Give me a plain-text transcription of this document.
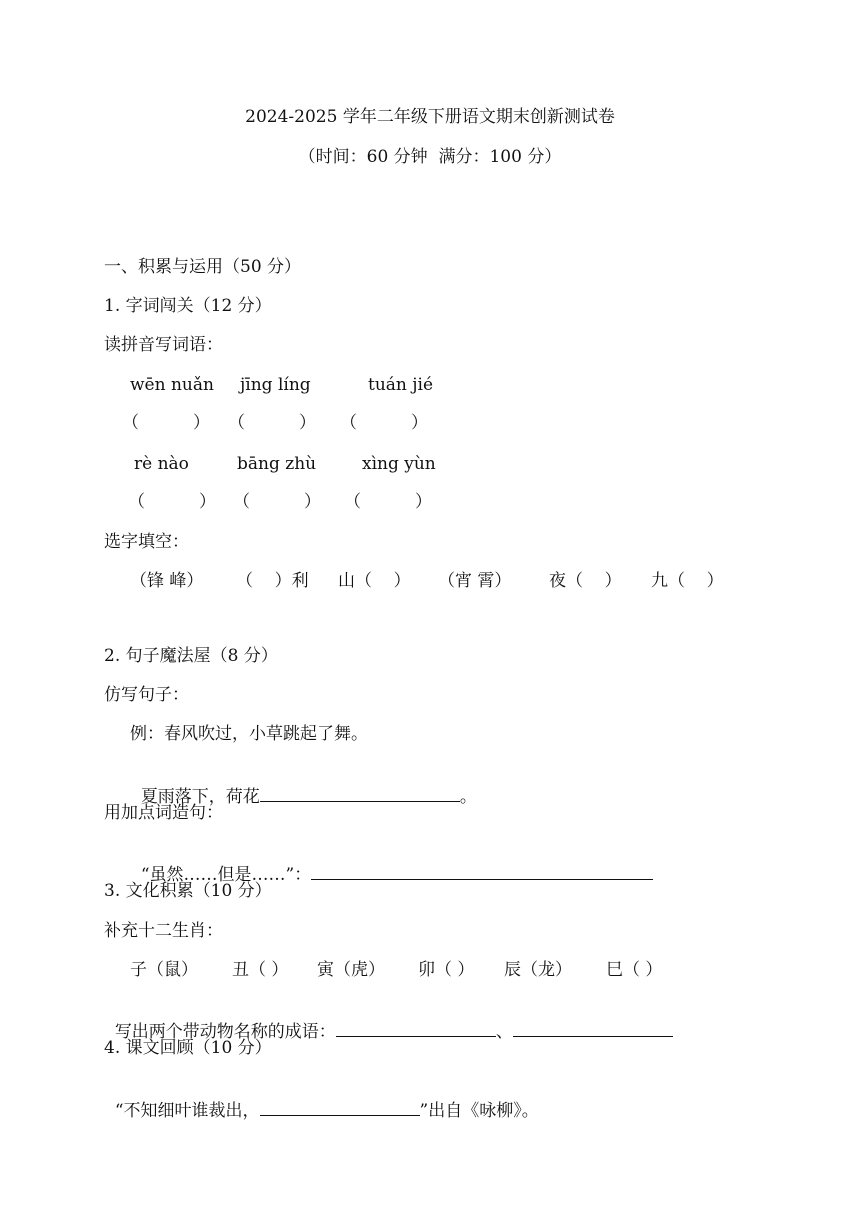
2024-2025 学年二年级下册语文期末创新测试卷
（时间：60 分钟  满分：100 分）
一、积累与运用（50 分）
1. 字词闯关（12 分）
读拼音写词语：
wēn nuǎn jīng líng	tuán jié
（          ） （          ） （          ）
rè nào	bāng zhù	xìng yùn
（          ） （          ） （          ）
选字填空：
（锋 峰） （    ）利 山（    ） （宵 霄） 夜（    ） 九（    ）
2. 句子魔法屋（8 分）
仿写句子：
例：春风吹过，小草跳起了舞。

夏雨落下，荷花	。

用加点词造句：

“虽然……但是……”：

3. 文化积累（10 分）
补充十二生肖：
子（鼠） 丑（ ） 寅（虎） 卯（ ） 辰（龙） 巳（ ）

写出两个带动物名称的成语：	、

4. 课文回顾（10 分）

“不知细叶谁裁出，	”出自《咏柳》。
